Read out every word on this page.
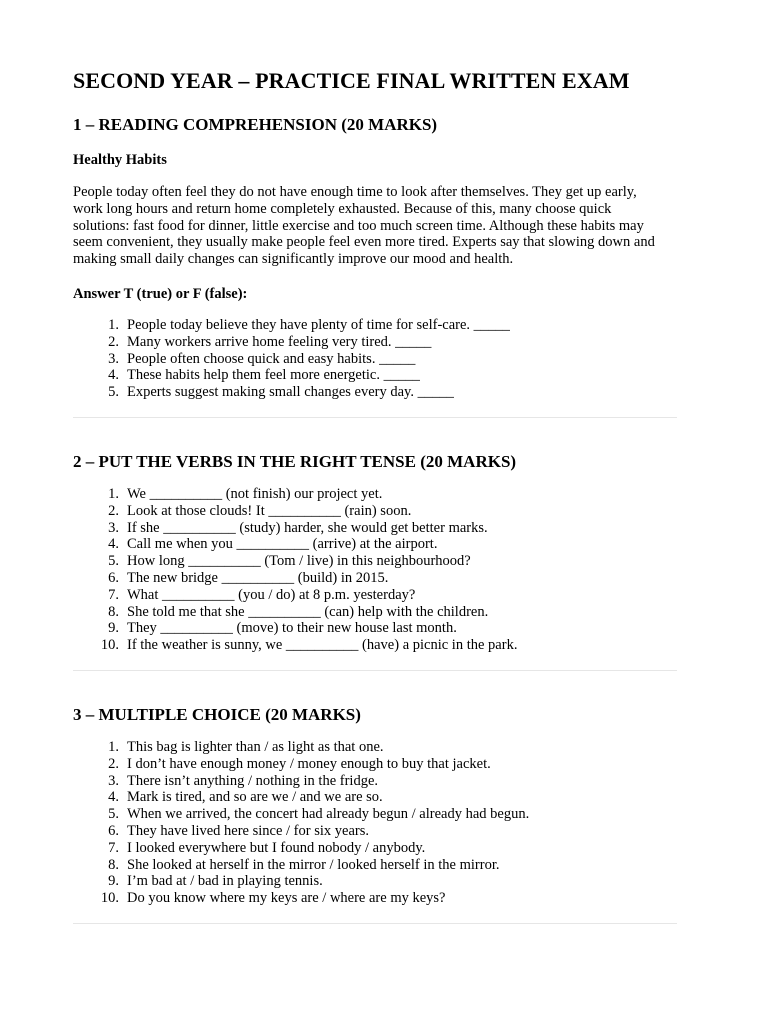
SECOND YEAR – PRACTICE FINAL WRITTEN EXAM
1 – READING COMPREHENSION (20 MARKS)
Healthy Habits
People today often feel they do not have enough time to look after themselves. They get up early,
work long hours and return home completely exhausted. Because of this, many choose quick
solutions: fast food for dinner, little exercise and too much screen time. Although these habits may
seem convenient, they usually make people feel even more tired. Experts say that slowing down and
making small daily changes can significantly improve our mood and health.

Answer T (true) or F (false):

1. People today believe they have plenty of time for self-care. _____
2. Many workers arrive home feeling very tired. _____
3. People often choose quick and easy habits. _____
4. These habits help them feel more energetic. _____
5. Experts suggest making small changes every day. _____
2 – PUT THE VERBS IN THE RIGHT TENSE (20 MARKS)
1. We __________ (not finish) our project yet.
2. Look at those clouds! It __________ (rain) soon.
3. If she __________ (study) harder, she would get better marks.
4. Call me when you __________ (arrive) at the airport.
5. How long __________ (Tom / live) in this neighbourhood?
6. The new bridge __________ (build) in 2015.
7. What __________ (you / do) at 8 p.m. yesterday?
8. She told me that she __________ (can) help with the children.
9. They __________ (move) to their new house last month.
10. If the weather is sunny, we __________ (have) a picnic in the park.
3 – MULTIPLE CHOICE (20 MARKS)
1. This bag is lighter than / as light as that one.
2. I don’t have enough money / money enough to buy that jacket.
3. There isn’t anything / nothing in the fridge.
4. Mark is tired, and so are we / and we are so.
5. When we arrived, the concert had already begun / already had begun.
6. They have lived here since / for six years.
7. I looked everywhere but I found nobody / anybody.
8. She looked at herself in the mirror / looked herself in the mirror.
9. I’m bad at / bad in playing tennis.
10. Do you know where my keys are / where are my keys?
